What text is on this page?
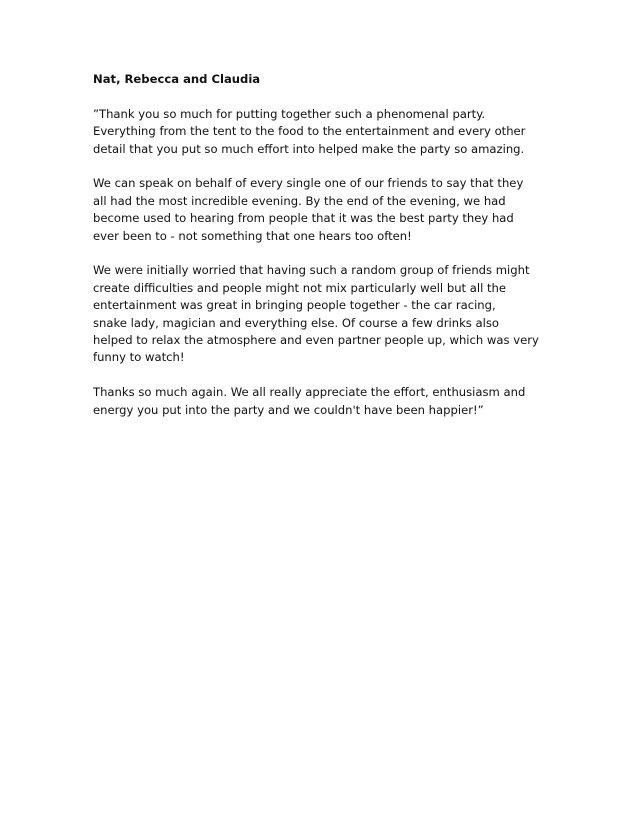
Nat, Rebecca and Claudia
”Thank you so much for putting together such a phenomenal party.
Everything from the tent to the food to the entertainment and every other
detail that you put so much effort into helped make the party so amazing.
We can speak on behalf of every single one of our friends to say that they
all had the most incredible evening. By the end of the evening, we had
become used to hearing from people that it was the best party they had
ever been to - not something that one hears too often!
We were initially worried that having such a random group of friends might
create difficulties and people might not mix particularly well but all the
entertainment was great in bringing people together - the car racing,
snake lady, magician and everything else. Of course a few drinks also
helped to relax the atmosphere and even partner people up, which was very
funny to watch!
Thanks so much again. We all really appreciate the effort, enthusiasm and
energy you put into the party and we couldn't have been happier!”
